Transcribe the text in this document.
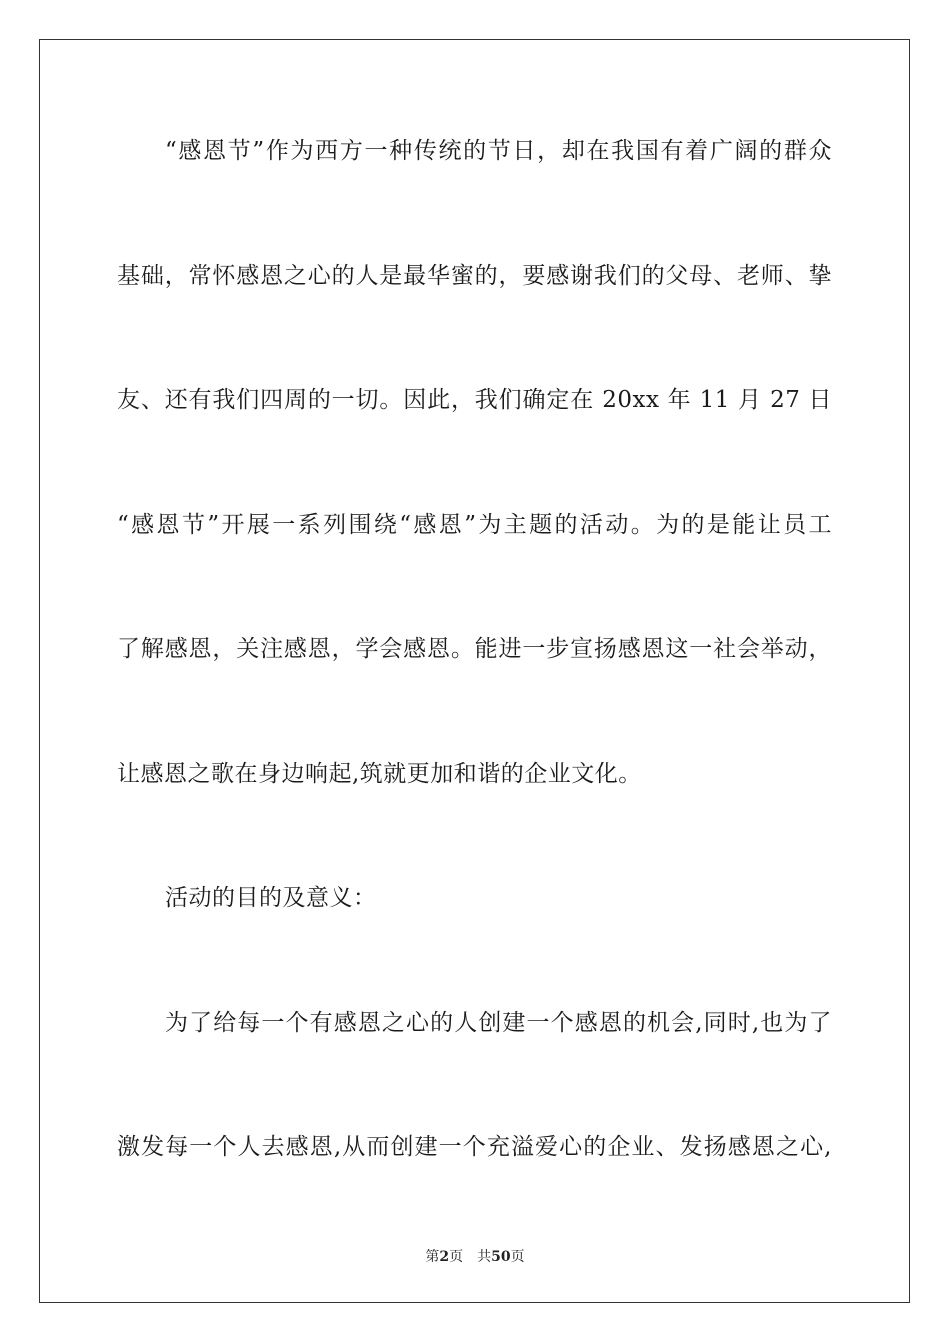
“感恩节”作为西方一种传统的节日，却在我国有着广阔的群众
基础，常怀感恩之心的人是最华蜜的，要感谢我们的父母、老师、挚
友、还有我们四周的一切。因此，我们确定在 20xx 年 11 月 27 日
“感恩节”开展一系列围绕“感恩”为主题的活动。为的是能让员工
了解感恩，关注感恩，学会感恩。能进一步宣扬感恩这一社会举动，
让感恩之歌在身边响起,筑就更加和谐的企业文化。
活动的目的及意义：
为了给每一个有感恩之心的人创建一个感恩的机会,同时,也为了
激发每一个人去感恩,从而创建一个充溢爱心的企业、发扬感恩之心,
第2页 共50页
